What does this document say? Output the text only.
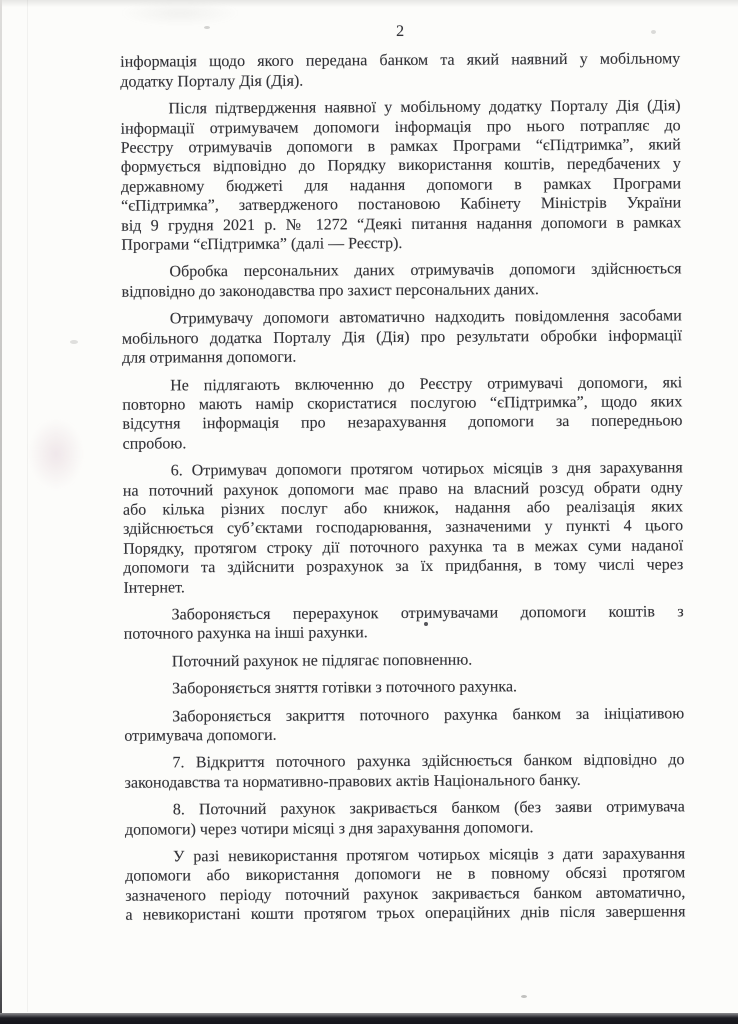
2
інформація щодо якого передана банком та який наявний у мобільному
додатку Порталу Дія (Дія).
Після підтвердження наявної у мобільному додатку Порталу Дія (Дія)
інформації отримувачем допомоги інформація про нього потрапляє до
Реєстру отримувачів допомоги в рамках Програми “єПідтримка”, який
формується відповідно до Порядку використання коштів, передбачених у
державному бюджеті для надання допомоги в рамках Програми
“єПідтримка”, затвердженого постановою Кабінету Міністрів України
від 9 грудня 2021 р. № 1272 “Деякі питання надання допомоги в рамках
Програми “єПідтримка” (далі — Реєстр).
Обробка персональних даних отримувачів допомоги здійснюється
відповідно до законодавства про захист персональних даних.
Отримувачу допомоги автоматично надходить повідомлення засобами
мобільного додатка Порталу Дія (Дія) про результати обробки інформації
для отримання допомоги.
Не підлягають включенню до Реєстру отримувачі допомоги, які
повторно мають намір скористатися послугою “єПідтримка”, щодо яких
відсутня інформація про незарахування допомоги за попередньою
спробою.
6. Отримувач допомоги протягом чотирьох місяців з дня зарахування
на поточний рахунок допомоги має право на власний розсуд обрати одну
або кілька різних послуг або книжок, надання або реалізація яких
здійснюється суб’єктами господарювання, зазначеними у пункті 4 цього
Порядку, протягом строку дії поточного рахунка та в межах суми наданої
допомоги та здійснити розрахунок за їх придбання, в тому числі через
Інтернет.
Забороняється перерахунок отримувачами допомоги коштів з
поточного рахунка на інші рахунки.
Поточний рахунок не підлягає поповненню.
Забороняється зняття готівки з поточного рахунка.
Забороняється закриття поточного рахунка банком за ініціативою
отримувача допомоги.
7. Відкриття поточного рахунка здійснюється банком відповідно до
законодавства та нормативно-правових актів Національного банку.
8. Поточний рахунок закривається банком (без заяви отримувача
допомоги) через чотири місяці з дня зарахування допомоги.
У разі невикористання протягом чотирьох місяців з дати зарахування
допомоги або використання допомоги не в повному обсязі протягом
зазначеного періоду поточний рахунок закривається банком автоматично,
а невикористані кошти протягом трьох операційних днів після завершення
